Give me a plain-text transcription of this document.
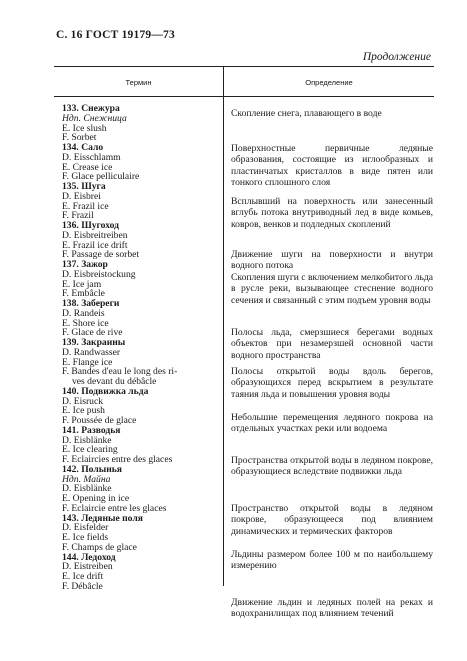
С. 16 ГОСТ 19179—73
Продолжение
Термин	Определение
133. Снежура
Ндп. Снежница
E. Ice slush
F. Sorbet
134. Сало
D. Eisschlamm
E. Crease ice
F. Glace pelliculaire
135. Шуга
D. Eisbrei
E. Frazil ice
F. Frazil
136. Шугоход
D. Eisbreitreiben
E. Frazil ice drift
F. Passage de sorbet
137. Зажор
D. Eisbreistockung
E. Ice jam
F. Embâcle
138. Забереги
D. Randeis
E. Shore ice
F. Glace de rive
139. Закраины
D. Randwasser
E. Flange ice
F. Bandes d'eau le long des ri-
ves devant du débâcle
140. Подвижка льда
D. Eisruck
E. Ice push
F. Poussée de glace
141. Разводья
D. Eisblänke
E. Ice clearing
F. Eclaircies entre des glaces
142. Полынья
Ндп. Майна
D. Eisblänke
E. Opening in ice
F. Eclaircie entre les glaces
143. Ледяные поля
D. Eisfelder
E. Ice fields
F. Champs de glace
144. Ледоход
D. Eistreiben
E. Ice drift
F. Débâcle
Скопление снега, плавающего в воде
Поверхностные первичные ледяные образования, состоящие из иглообразных и пластинчатых кристаллов в виде пятен или тонкого сплошного слоя
Всплывший на поверхность или занесенный вглубь потока внутриводный лед в виде комьев, ковров, венков и подледных скоплений
Движение шуги на поверхности и внутри водного потока
Скопления шуги с включением мелкобитого льда в русле реки, вызывающее стеснение водного сечения и связанный с этим подъем уровня воды
Полосы льда, смерзшиеся берегами водных объектов при незамерзшей основной части водного пространства
Полосы открытой воды вдоль берегов, образующихся перед вскрытием в результате таяния льда и повышения уровня воды
Небольшие перемещения ледяного покрова на отдельных участках реки или водоема
Пространства открытой воды в ледяном покрове, образующиеся вследствие подвижки льда
Пространство открытой воды в ледяном покрове, образующееся под влиянием динамических и термических факторов
Льдины размером более 100 м по наибольшему измерению
Движение льдин и ледяных полей на реках и водохранилищах под влиянием течений
